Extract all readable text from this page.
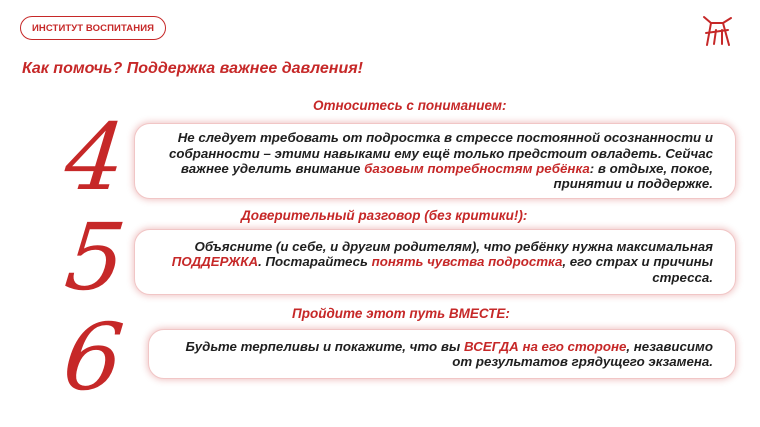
ИНСТИТУТ ВОСПИТАНИЯ
Как помочь? Поддержка важнее давления!
Относитесь с пониманием:
4	Не следует требовать от подростка в стрессе постоянной осознанности и собранности – этими навыками ему ещё только предстоит овладеть. Сейчас важнее уделить внимание базовым потребностям ребёнка: в отдыхе, покое, принятии и поддержке.

Доверительный разговор (без критики!):
5	Объясните (и себе, и другим родителям), что ребёнку нужна максимальная ПОДДЕРЖКА. Постарайтесь понять чувства подростка, его страх и причины стресса.

Пройдите этот путь ВМЕСТЕ:
6	Будьте терпеливы и покажите, что вы ВСЕГДА на его стороне, независимо от результатов грядущего экзамена.
